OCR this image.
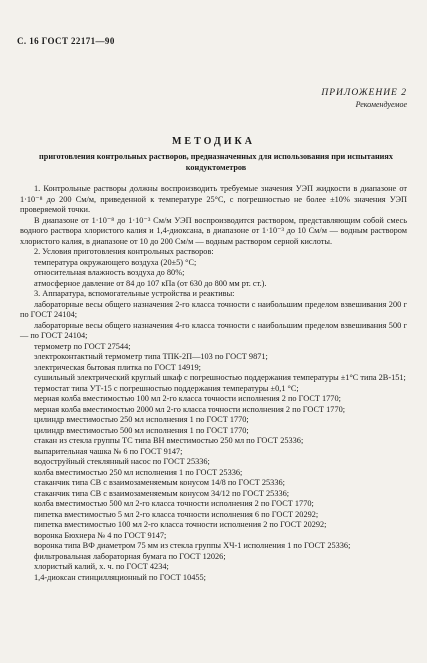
С. 16 ГОСТ 22171—90
ПРИЛОЖЕНИЕ 2
Рекомендуемое
МЕТОДИКА
приготовления контрольных растворов, предназначенных для использования при испытаниях кондуктометров

1. Контрольные растворы должны воспроизводить требуемые значения УЭП жидкости в диапазоне от 1·10⁻⁸ до 200 См/м, приведенной к температуре 25°С, с погрешностью не более ±10% значения УЭП проверяемой точки.

В диапазоне от 1·10⁻⁸ до 1·10⁻³ См/м УЭП воспроизводится раствором, представляющим собой смесь водного раствора хлористого калия и 1,4-диоксана, в диапазоне от 1·10⁻³ до 10 См/м — водным раствором хлористого калия, в диапазоне от 10 до 200 См/м — водным раствором серной кислоты.

2. Условия приготовления контрольных растворов:

температура окружающего воздуха (20±5) °С;

относительная влажность воздуха до 80%;

атмосферное давление от 84 до 107 кПа (от 630 до 800 мм рт. ст.).

3. Аппаратура, вспомогательные устройства и реактивы:

лабораторные весы общего назначения 2-го класса точности с наибольшим пределом взвешивания 200 г по ГОСТ 24104;

лабораторные весы общего назначения 4-го класса точности с наибольшим пределом взвешивания 500 г — по ГОСТ 24104;

термометр по ГОСТ 27544;

электроконтактный термометр типа ТПК-2П—103 по ГОСТ 9871;

электрическая бытовая плитка по ГОСТ 14919;

сушильный электрический круглый шкаф с погрешностью поддержания температуры ±1°С типа 2В-151;

термостат типа УТ-15 с погрешностью поддержания температуры ±0,1 °С;

мерная колба вместимостью 100 мл 2-го класса точности исполнения 2 по ГОСТ 1770;

мерная колба вместимостью 2000 мл 2-го класса точности исполнения 2 по ГОСТ 1770;

цилиндр вместимостью 250 мл исполнения 1 по ГОСТ 1770;

цилиндр вместимостью 500 мл исполнения 1 по ГОСТ 1770;

стакан из стекла группы ТС типа ВН вместимостью 250 мл по ГОСТ 25336;

выпарительная чашка № 6 по ГОСТ 9147;

водоструйный стеклянный насос по ГОСТ 25336;

колба вместимостью 250 мл исполнения 1 по ГОСТ 25336;

стаканчик типа СВ с взаимозаменяемым конусом 14/8 по ГОСТ 25336;

стаканчик типа СВ с взаимозаменяемым конусом 34/12 по ГОСТ 25336;

колба вместимостью 500 мл 2-го класса точности исполнения 2 по ГОСТ 1770;

пипетка вместимостью 5 мл 2-го класса точности исполнения 6 по ГОСТ 20292;

пипетка вместимостью 100 мл 2-го класса точности исполнения 2 по ГОСТ 20292;

воронка Бюхнера № 4 по ГОСТ 9147;

воронка типа ВФ диаметром 75 мм из стекла группы ХЧ-1 исполнения 1 по ГОСТ 25336;

фильтровальная лабораторная бумага по ГОСТ 12026;

хлористый калий, х. ч. по ГОСТ 4234;

1,4-диоксан стинцилляционный по ГОСТ 10455;
